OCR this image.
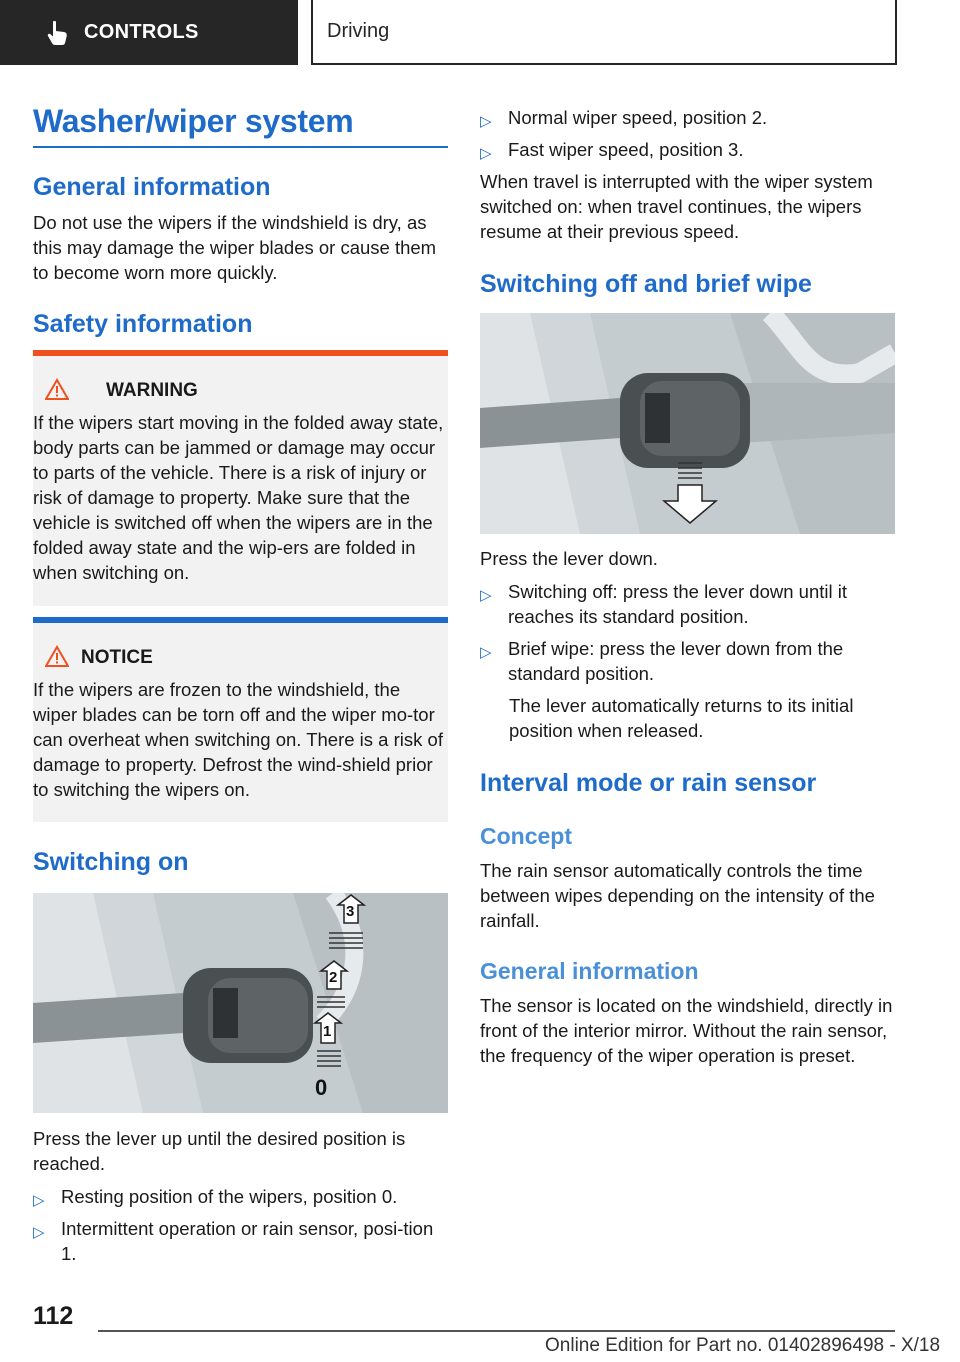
CONTROLS	Driving
Washer/wiper system
General information

Do not use the wipers if the windshield is dry, as this may damage the wiper blades or cause them to become worn more quickly.

Safety information
WARNING

If the wipers start moving in the folded away state, body parts can be jammed or damage may occur to parts of the vehicle. There is a risk of injury or risk of damage to property. Make sure that the vehicle is switched off when the wipers are in the folded away state and the wip-ers are folded in when switching on.

NOTICE

If the wipers are frozen to the windshield, the wiper blades can be torn off and the wiper mo-tor can overheat when switching on. There is a risk of damage to property. Defrost the wind-shield prior to switching the wipers on.

Switching on
3
2
1
0

Press the lever up until the desired position is reached.

▷ Resting position of the wipers, position 0.
▷ Intermittent operation or rain sensor, posi-tion 1.
▷ Normal wiper speed, position 2.
▷ Fast wiper speed, position 3.

When travel is interrupted with the wiper system switched on: when travel continues, the wipers resume at their previous speed.

Switching off and brief wipe

Press the lever down.

▷ Switching off: press the lever down until it reaches its standard position.
▷ Brief wipe: press the lever down from the standard position.

The lever automatically returns to its initial position when released.

Interval mode or rain sensor
Concept

The rain sensor automatically controls the time between wipes depending on the intensity of the rainfall.

General information

The sensor is located on the windshield, directly in front of the interior mirror. Without the rain sensor, the frequency of the wiper operation is preset.

112
Online Edition for Part no. 01402896498 - X/18
